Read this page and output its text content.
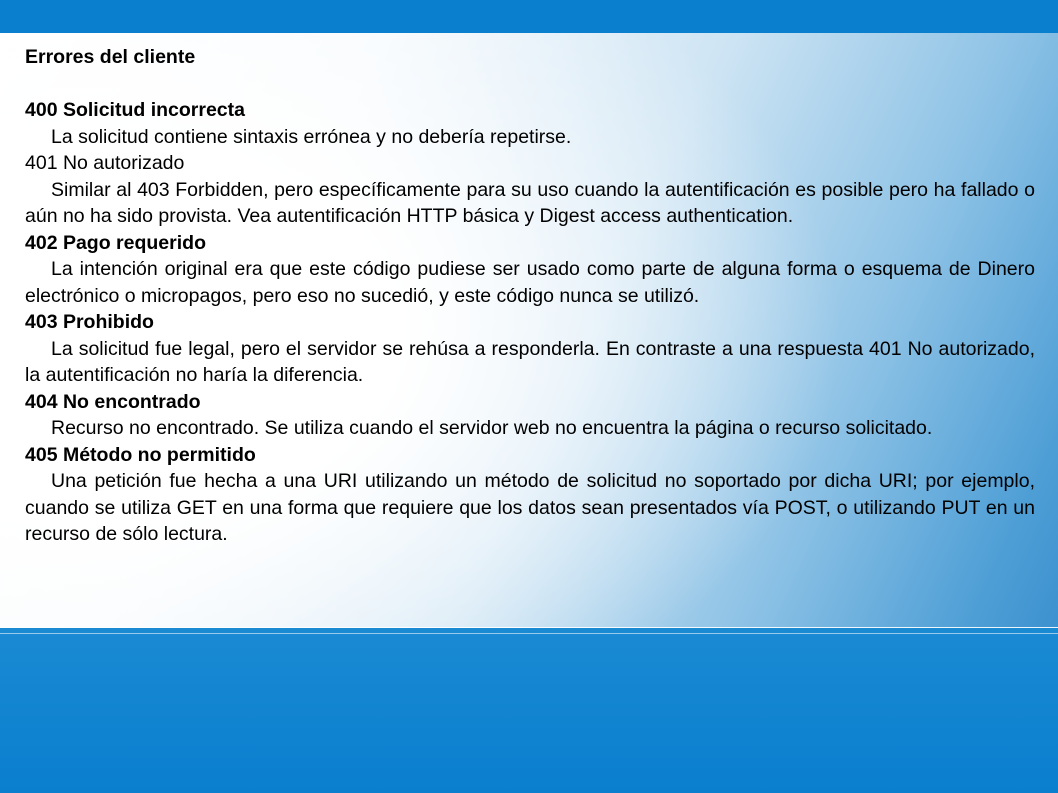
Errores del cliente

400 Solicitud incorrecta

La solicitud contiene sintaxis errónea y no debería repetirse.

401 No autorizado

Similar al 403 Forbidden, pero específicamente para su uso cuando la autentificación es posible pero ha fallado o aún no ha sido provista. Vea autentificación HTTP básica y Digest access authentication.

402 Pago requerido

La intención original era que este código pudiese ser usado como parte de alguna forma o esquema de Dinero electrónico o micropagos, pero eso no sucedió, y este código nunca se utilizó.

403 Prohibido

La solicitud fue legal, pero el servidor se rehúsa a responderla. En contraste a una respuesta 401 No autorizado, la autentificación no haría la diferencia.

404 No encontrado

Recurso no encontrado. Se utiliza cuando el servidor web no encuentra la página o recurso solicitado.

405 Método no permitido

Una petición fue hecha a una URI utilizando un método de solicitud no soportado por dicha URI; por ejemplo, cuando se utiliza GET en una forma que requiere que los datos sean presentados vía POST, o utilizando PUT en un recurso de sólo lectura.
